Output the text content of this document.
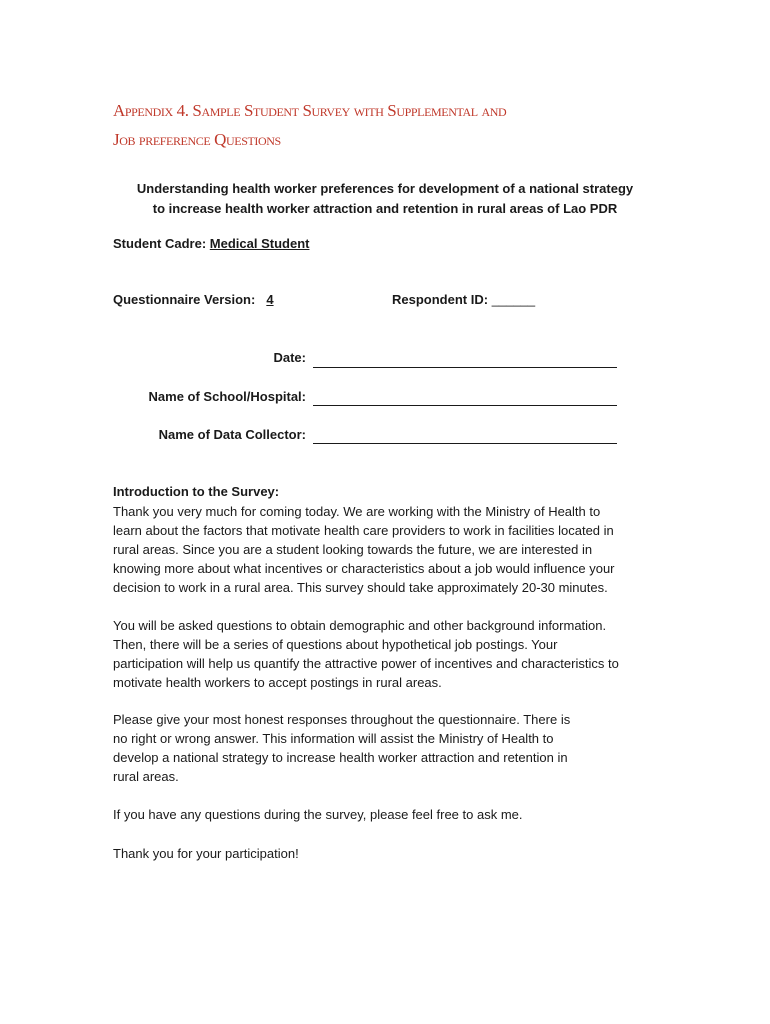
Appendix 4. Sample Student Survey with Supplemental and
Job preference Questions
Understanding health worker preferences for development of a national strategy
to increase health worker attraction and retention in rural areas of Lao PDR
Student Cadre: Medical Student
Questionnaire Version: 4	Respondent ID: ______
Date:
Name of School/Hospital:
Name of Data Collector:
Introduction to the Survey:
Thank you very much for coming today. We are working with the Ministry of Health to
learn about the factors that motivate health care providers to work in facilities located in
rural areas. Since you are a student looking towards the future, we are interested in
knowing more about what incentives or characteristics about a job would influence your
decision to work in a rural area. This survey should take approximately 20-30 minutes.
You will be asked questions to obtain demographic and other background information.
Then, there will be a series of questions about hypothetical job postings. Your
participation will help us quantify the attractive power of incentives and characteristics to
motivate health workers to accept postings in rural areas.
Please give your most honest responses throughout the questionnaire. There is
no right or wrong answer. This information will assist the Ministry of Health to
develop a national strategy to increase health worker attraction and retention in
rural areas.
If you have any questions during the survey, please feel free to ask me.
Thank you for your participation!
